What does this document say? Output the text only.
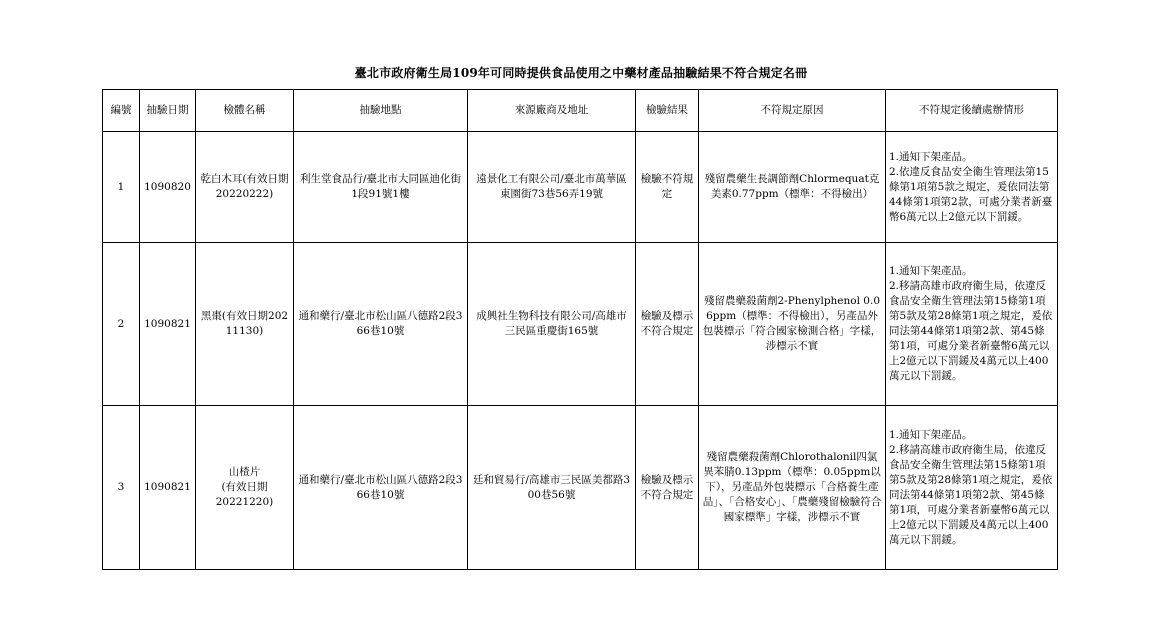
臺北市政府衛生局109年可同時提供食品使用之中藥材產品抽驗結果不符合規定名冊
編號	抽驗日期	檢體名稱	抽驗地點	來源廠商及地址	檢驗結果	不符規定原因	不符規定後續處辦情形
1	1090820	乾白木耳(有效日期20220222)	利生堂食品行/臺北市大同區迪化街1段91號1樓	遠景化工有限公司/臺北市萬華區東園街73巷56弄19號	檢驗不符規定	殘留農藥生長調節劑Chlormequat克美素0.77ppm（標準：不得檢出）	1.通知下架產品。
2.依違反食品安全衛生管理法第15條第1項第5款之規定，爰依同法第44條第1項第2款，可處分業者新臺幣6萬元以上2億元以下罰鍰。
2	1090821	黑棗(有效日期20211130)	通和藥行/臺北市松山區八德路2段366巷10號	成興社生物科技有限公司/高雄市三民區重慶街165號	檢驗及標示不符合規定	殘留農藥殺菌劑2-Phenylphenol 0.06ppm（標準：不得檢出），另產品外包裝標示「符合國家檢測合格」字樣，涉標示不實	1.通知下架產品。
2.移請高雄市政府衛生局，依違反食品安全衛生管理法第15條第1項第5款及第28條第1項之規定，爰依同法第44條第1項第2款、第45條第1項，可處分業者新臺幣6萬元以上2億元以下罰鍰及4萬元以上400萬元以下罰鍰。
3	1090821	山楂片
(有效日期
20221220)	通和藥行/臺北市松山區八德路2段366巷10號	廷和貿易行/高雄市三民區美都路300巷56號	檢驗及標示不符合規定	殘留農藥殺菌劑Chlorothalonil四氯異苯腈0.13ppm（標準：0.05ppm以下），另產品外包裝標示「合格養生產品」、「合格安心」、「農藥殘留檢驗符合國家標準」字樣，涉標示不實	1.通知下架產品。
2.移請高雄市政府衛生局，依違反食品安全衛生管理法第15條第1項第5款及第28條第1項之規定，爰依同法第44條第1項第2款、第45條第1項，可處分業者新臺幣6萬元以上2億元以下罰鍰及4萬元以上400萬元以下罰鍰。
